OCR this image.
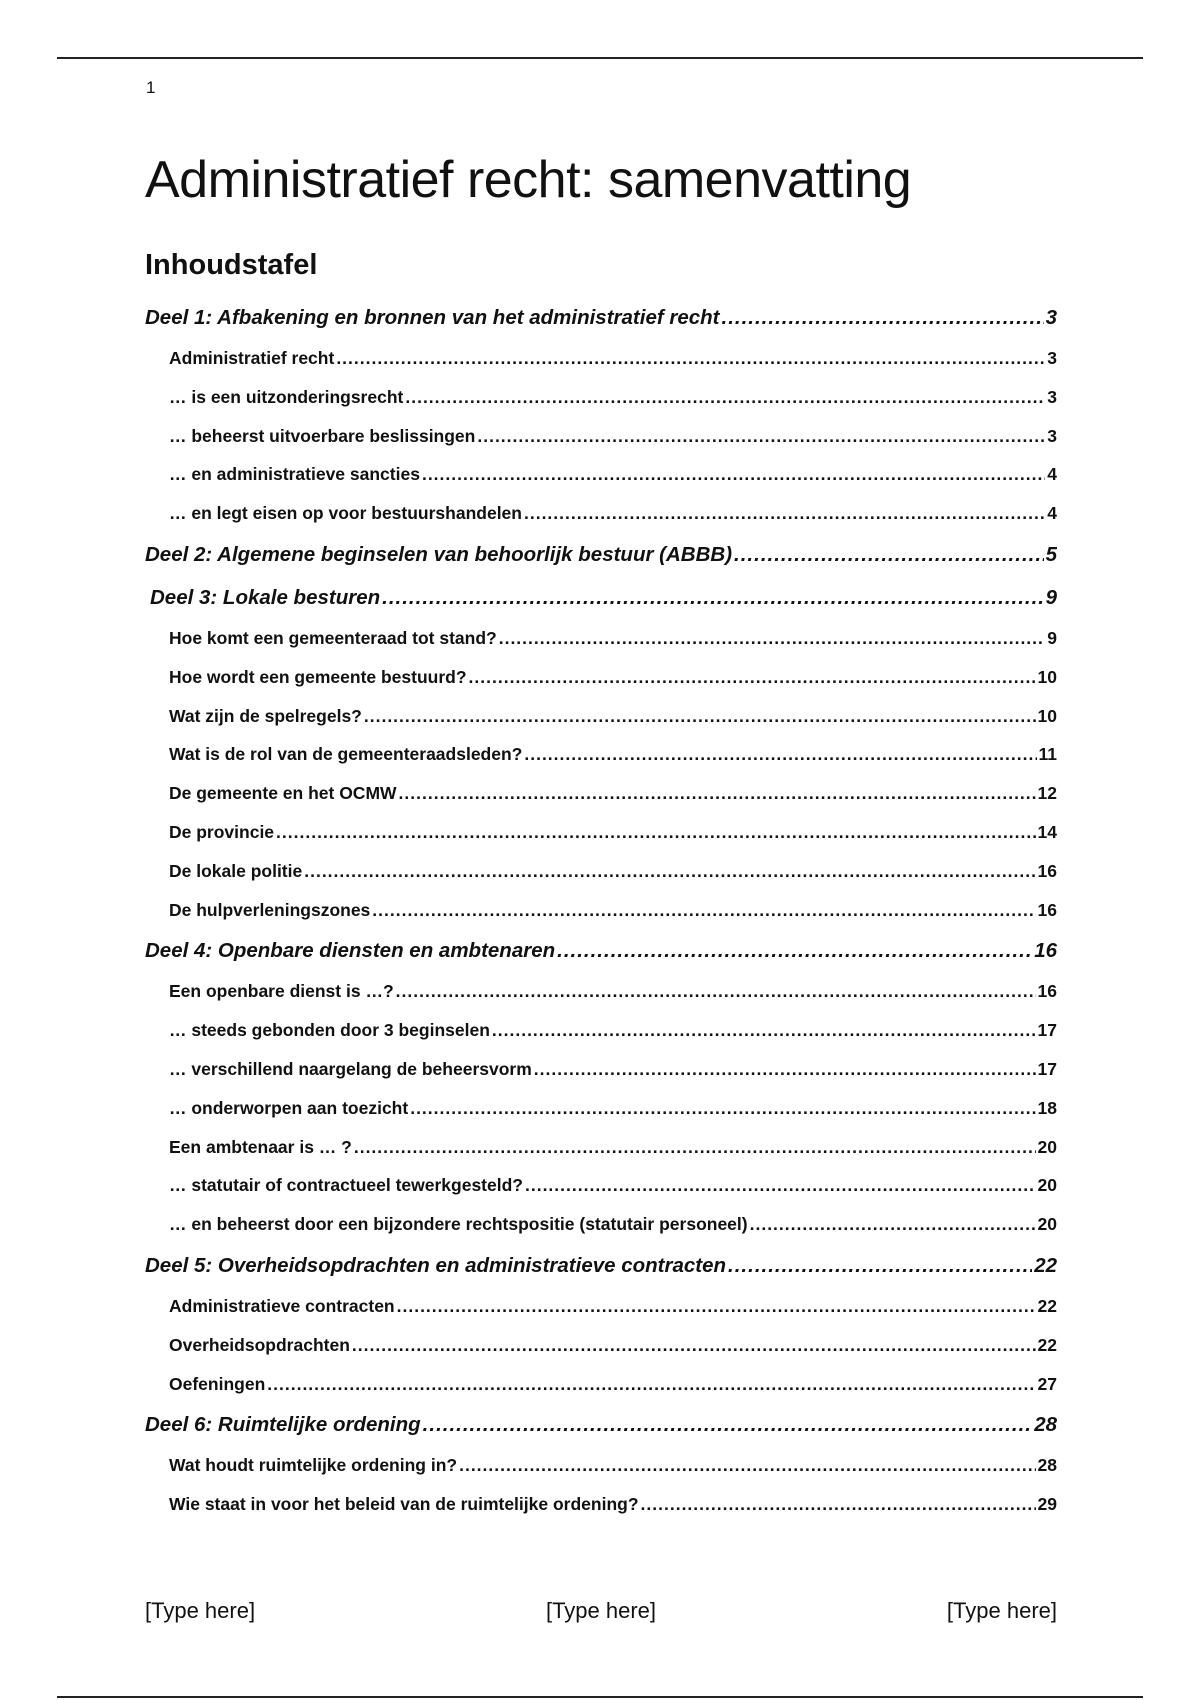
1
Administratief recht: samenvatting
Inhoudstafel
Deel 1: Afbakening en bronnen van het administratief recht .....	3
Administratief recht .....	3
… is een uitzonderingsrecht .....	3
… beheerst uitvoerbare beslissingen .....	3
… en administratieve sancties .....	4
… en legt eisen op voor bestuurshandelen .....	4
Deel 2: Algemene beginselen van behoorlijk bestuur (ABBB) .....	5
Deel 3: Lokale besturen .....	9
Hoe komt een gemeenteraad tot stand? .....	9
Hoe wordt een gemeente bestuurd? .....	10
Wat zijn de spelregels? .....	10
Wat is de rol van de gemeenteraadsleden? .....	11
De gemeente en het OCMW .....	12
De provincie .....	14
De lokale politie .....	16
De hulpverleningszones .....	16
Deel 4: Openbare diensten en ambtenaren .....	16
Een openbare dienst is …? .....	16
… steeds gebonden door 3 beginselen .....	17
… verschillend naargelang de beheersvorm .....	17
… onderworpen aan toezicht .....	18
Een ambtenaar is … ? .....	20
… statutair of contractueel tewerkgesteld? .....	20
… en beheerst door een bijzondere rechtspositie (statutair personeel) .....	20
Deel 5: Overheidsopdrachten en administratieve contracten .....	22
Administratieve contracten .....	22
Overheidsopdrachten .....	22
Oefeningen .....	27
Deel 6: Ruimtelijke ordening .....	28
Wat houdt ruimtelijke ordening in? .....	28
Wie staat in voor het beleid van de ruimtelijke ordening? .....	29
[Type here]	[Type here]	[Type here]
